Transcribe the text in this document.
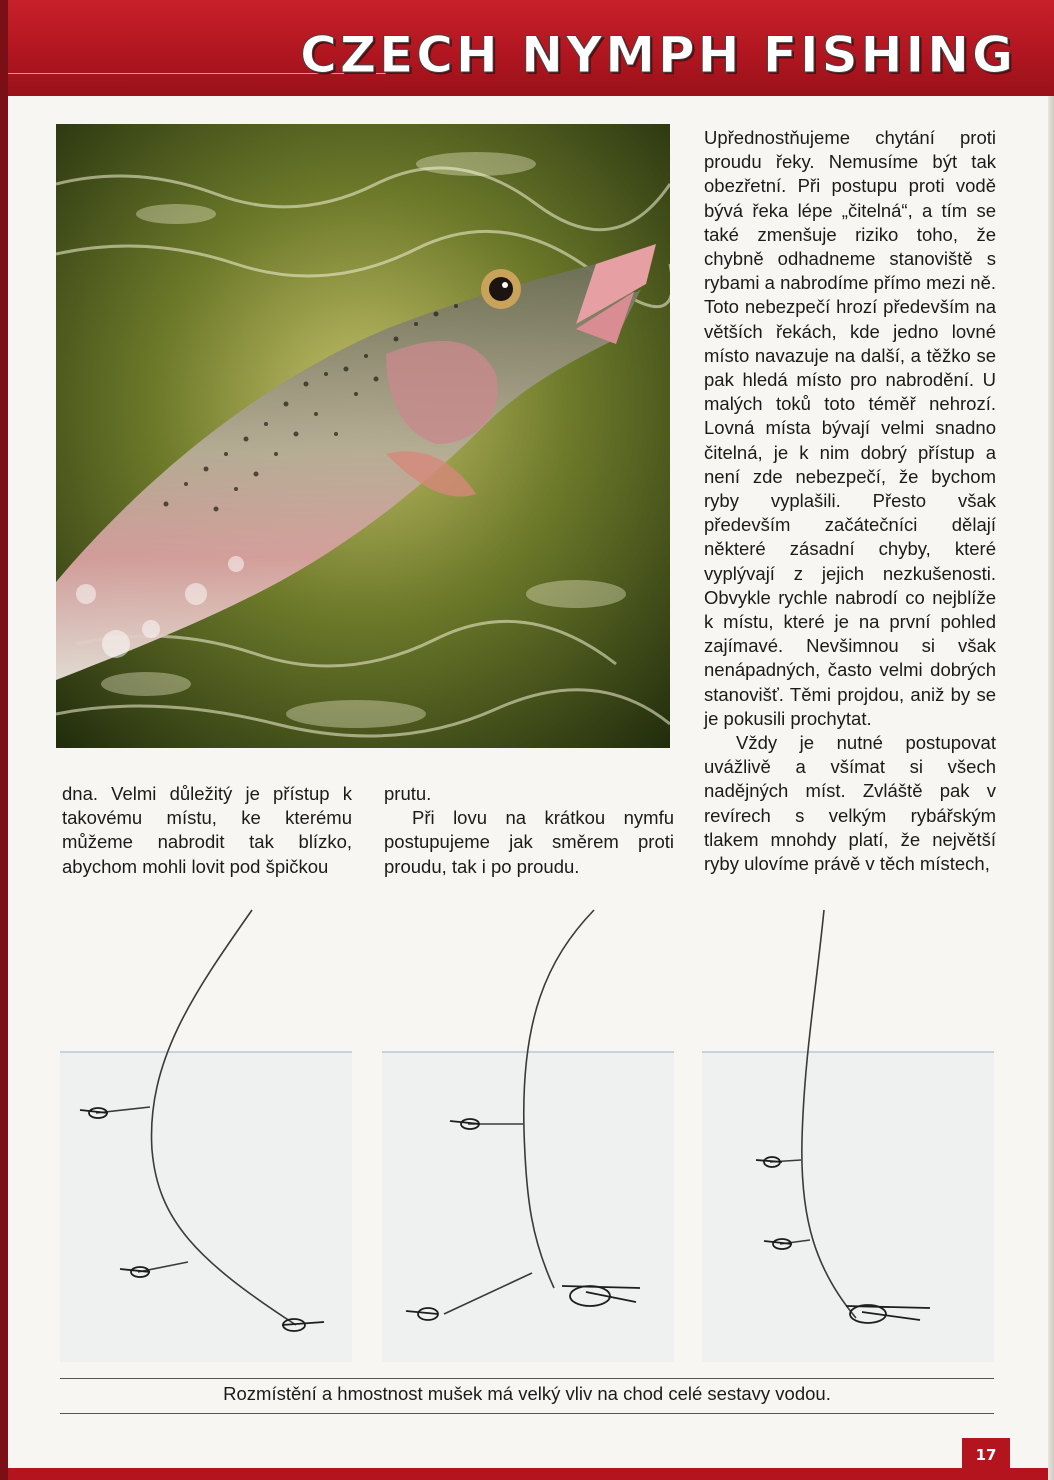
CZECH NYMPH FISHING

Upřednostňujeme chytání proti proudu řeky. Nemusíme být tak obezřetní. Při postupu proti vodě bývá řeka lépe „čitelná“, a tím se také zmenšuje riziko toho, že chybně odhadneme stanoviště s rybami a nabrodíme přímo mezi ně. Toto nebezpečí hrozí především na větších řekách, kde jedno lovné místo navazuje na další, a těžko se pak hledá místo pro nabrodění. U malých toků toto téměř nehrozí. Lovná místa bývají velmi snadno čitelná, je k nim dobrý přístup a není zde nebezpečí, že bychom ryby vyplašili. Přesto však především začátečníci dělají některé zásadní chyby, které vyplývají z jejich nezkušenosti. Obvykle rychle nabrodí co nejblíže k místu, které je na první pohled zajímavé. Nevšimnou si však nenápadných, často velmi dobrých stanovišť. Těmi projdou, aniž by se je pokusili prochytat.

Vždy je nutné postupovat uvážlivě a všímat si všech nadějných míst. Zvláště pak v revírech s velkým rybářským tlakem mnohdy platí, že největší ryby ulovíme právě v těch místech,

dna. Velmi důležitý je přístup k takovému místu, ke kterému můžeme nabrodit tak blízko, abychom mohli lovit pod špičkou

prutu.

Při lovu na krátkou nymfu postupujeme jak směrem proti proudu, tak i po proudu.

Rozmístění a hmostnost mušek má velký vliv na chod celé sestavy vodou.
17
